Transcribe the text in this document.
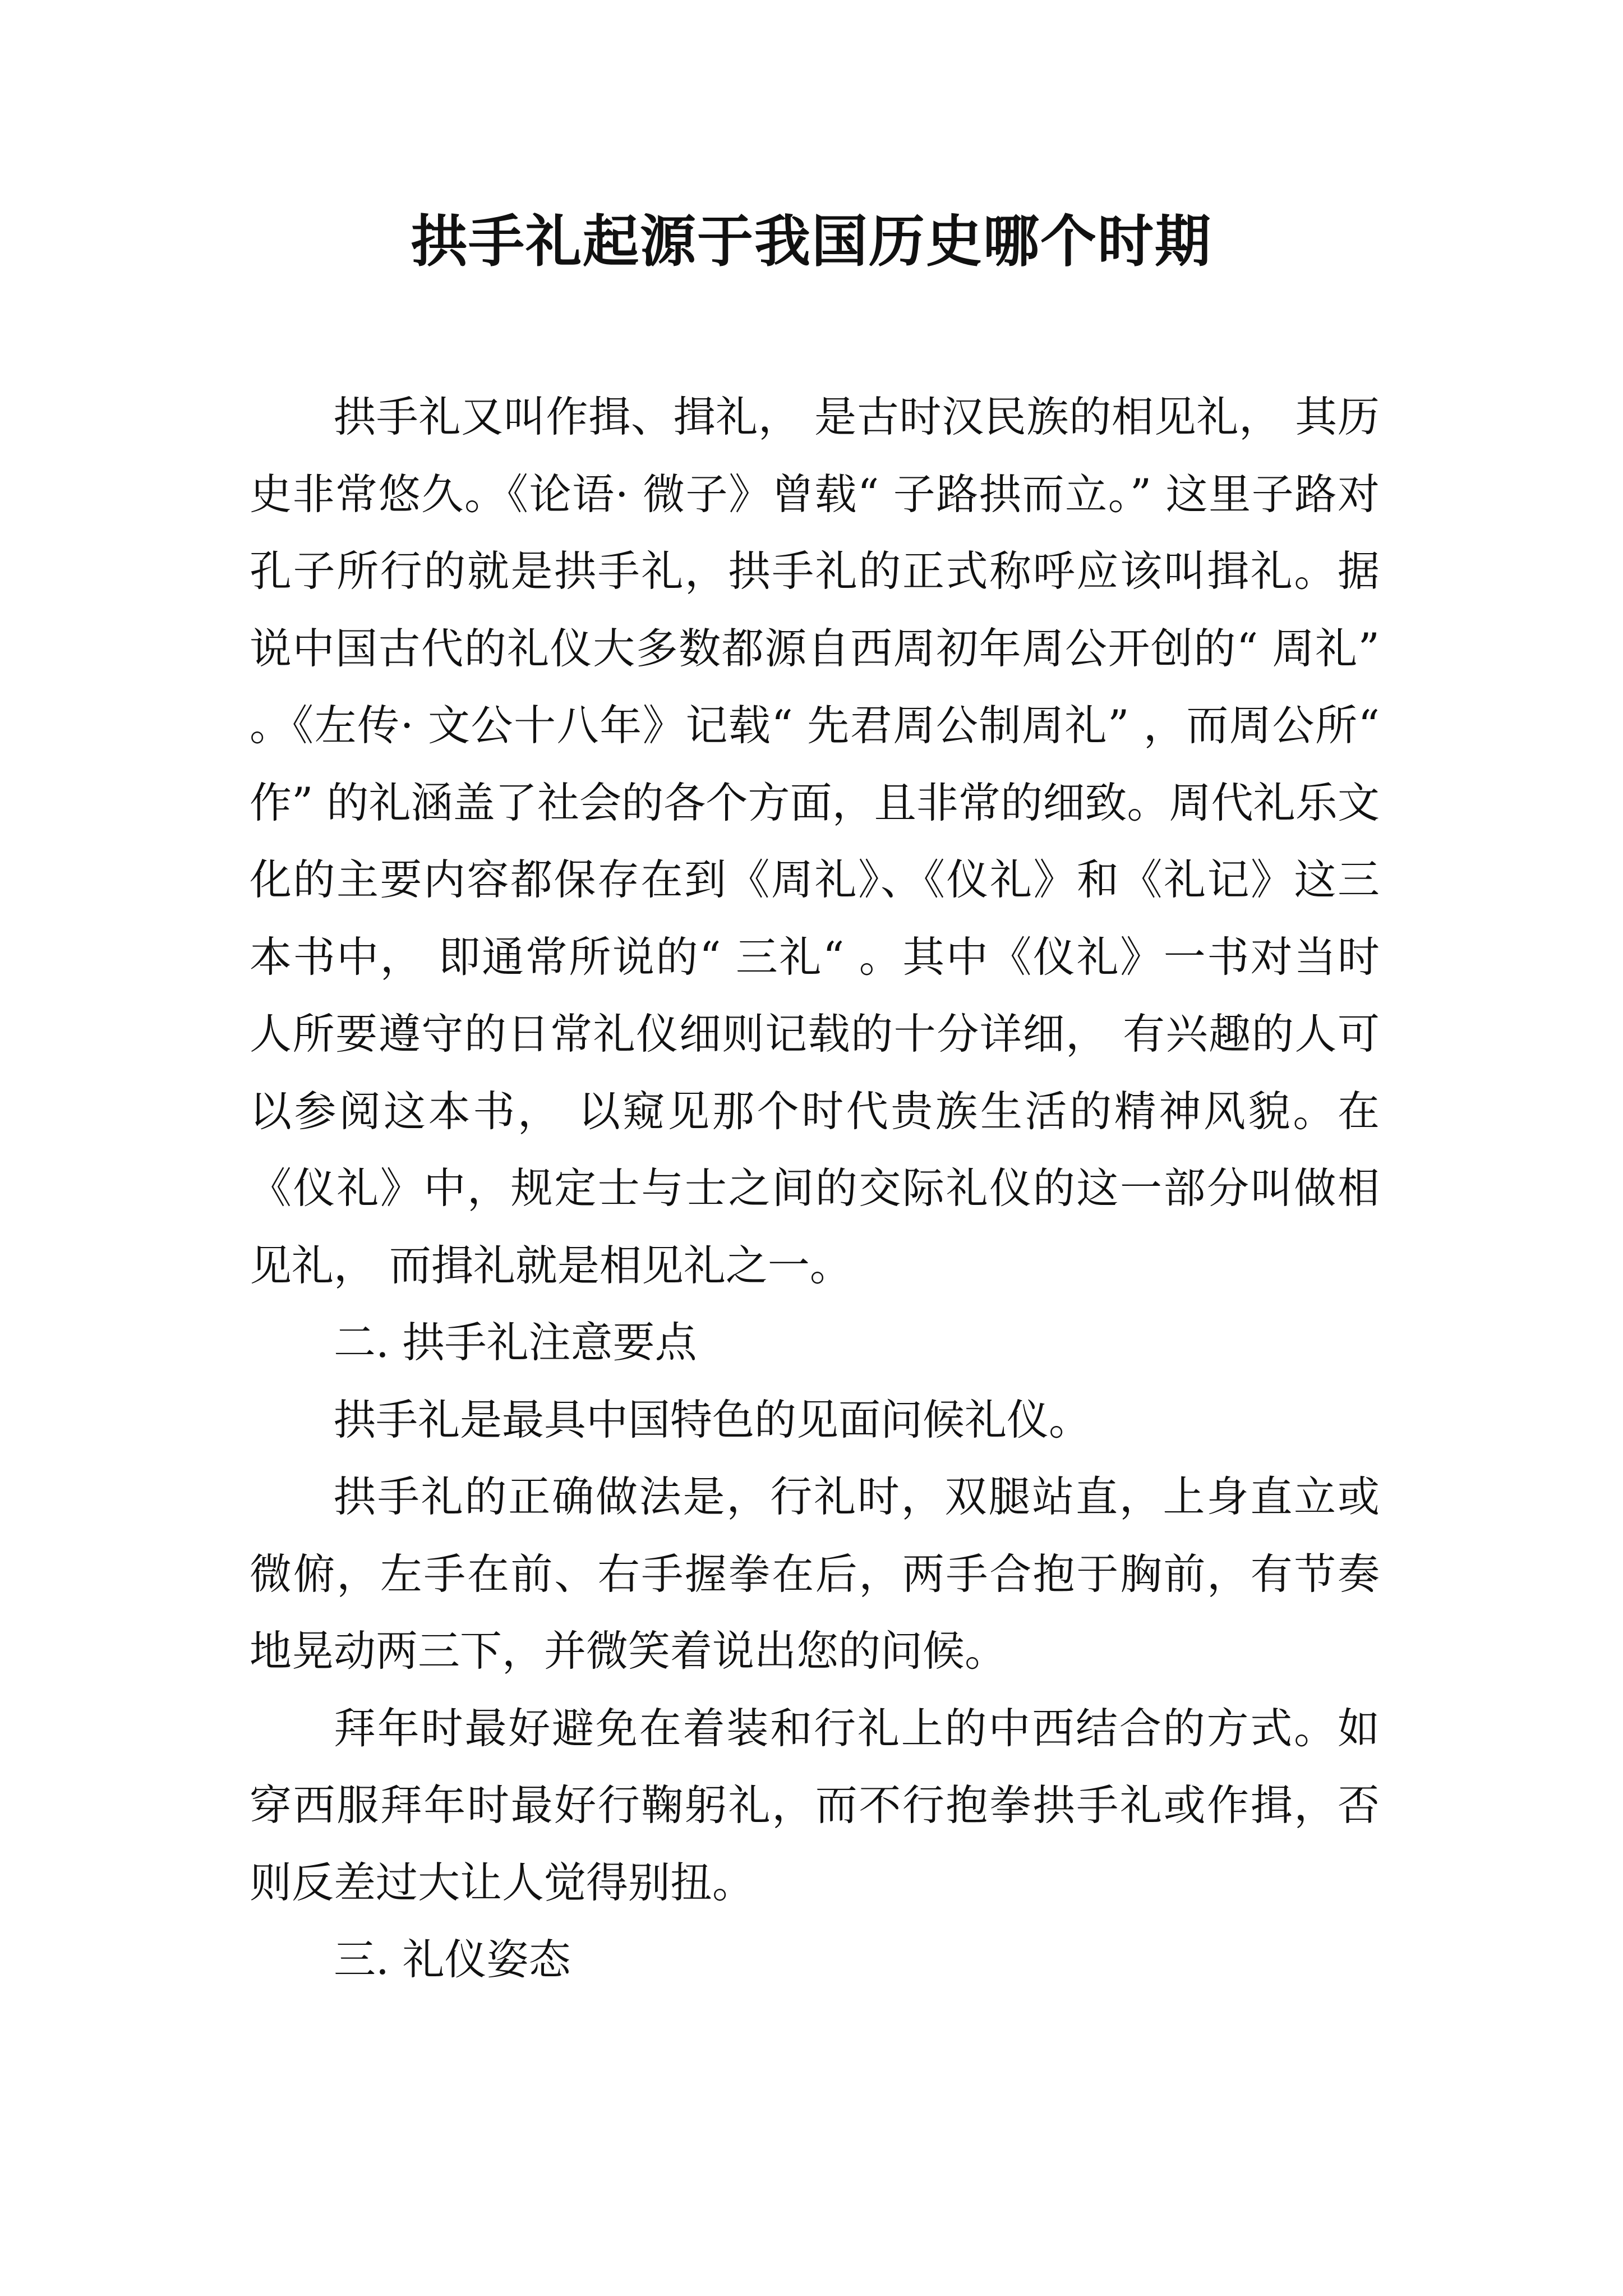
拱手礼起源于我国历史哪个时期

拱手礼又叫作揖、揖礼， 是古时汉民族的相见礼， 其历史非常悠久。《论语· 微子》曾载“ 子路拱而立。” 这里子路对孔子所行的就是拱手礼，拱手礼的正式称呼应该叫揖礼。据说中国古代的礼仪大多数都源自西周初年周公开创的“ 周礼” 。《左传· 文公十八年》记载“ 先君周公制周礼” ，而周公所“ 作” 的礼涵盖了社会的各个方面，且非常的细致。周代礼乐文化的主要内容都保存在到《周礼》、《仪礼》和《礼记》这三本书中， 即通常所说的“ 三礼“ 。其中《仪礼》一书对当时人所要遵守的日常礼仪细则记载的十分详细， 有兴趣的人可以参阅这本书， 以窥见那个时代贵族生活的精神风貌。在《仪礼》中，规定士与士之间的交际礼仪的这一部分叫做相见礼， 而揖礼就是相见礼之一。

二. 拱手礼注意要点

拱手礼是最具中国特色的见面问候礼仪。

拱手礼的正确做法是，行礼时，双腿站直，上身直立或微俯，左手在前、右手握拳在后，两手合抱于胸前，有节奏地晃动两三下，并微笑着说出您的问候。

拜年时最好避免在着装和行礼上的中西结合的方式。如穿西服拜年时最好行鞠躬礼，而不行抱拳拱手礼或作揖，否则反差过大让人觉得别扭。

三. 礼仪姿态
